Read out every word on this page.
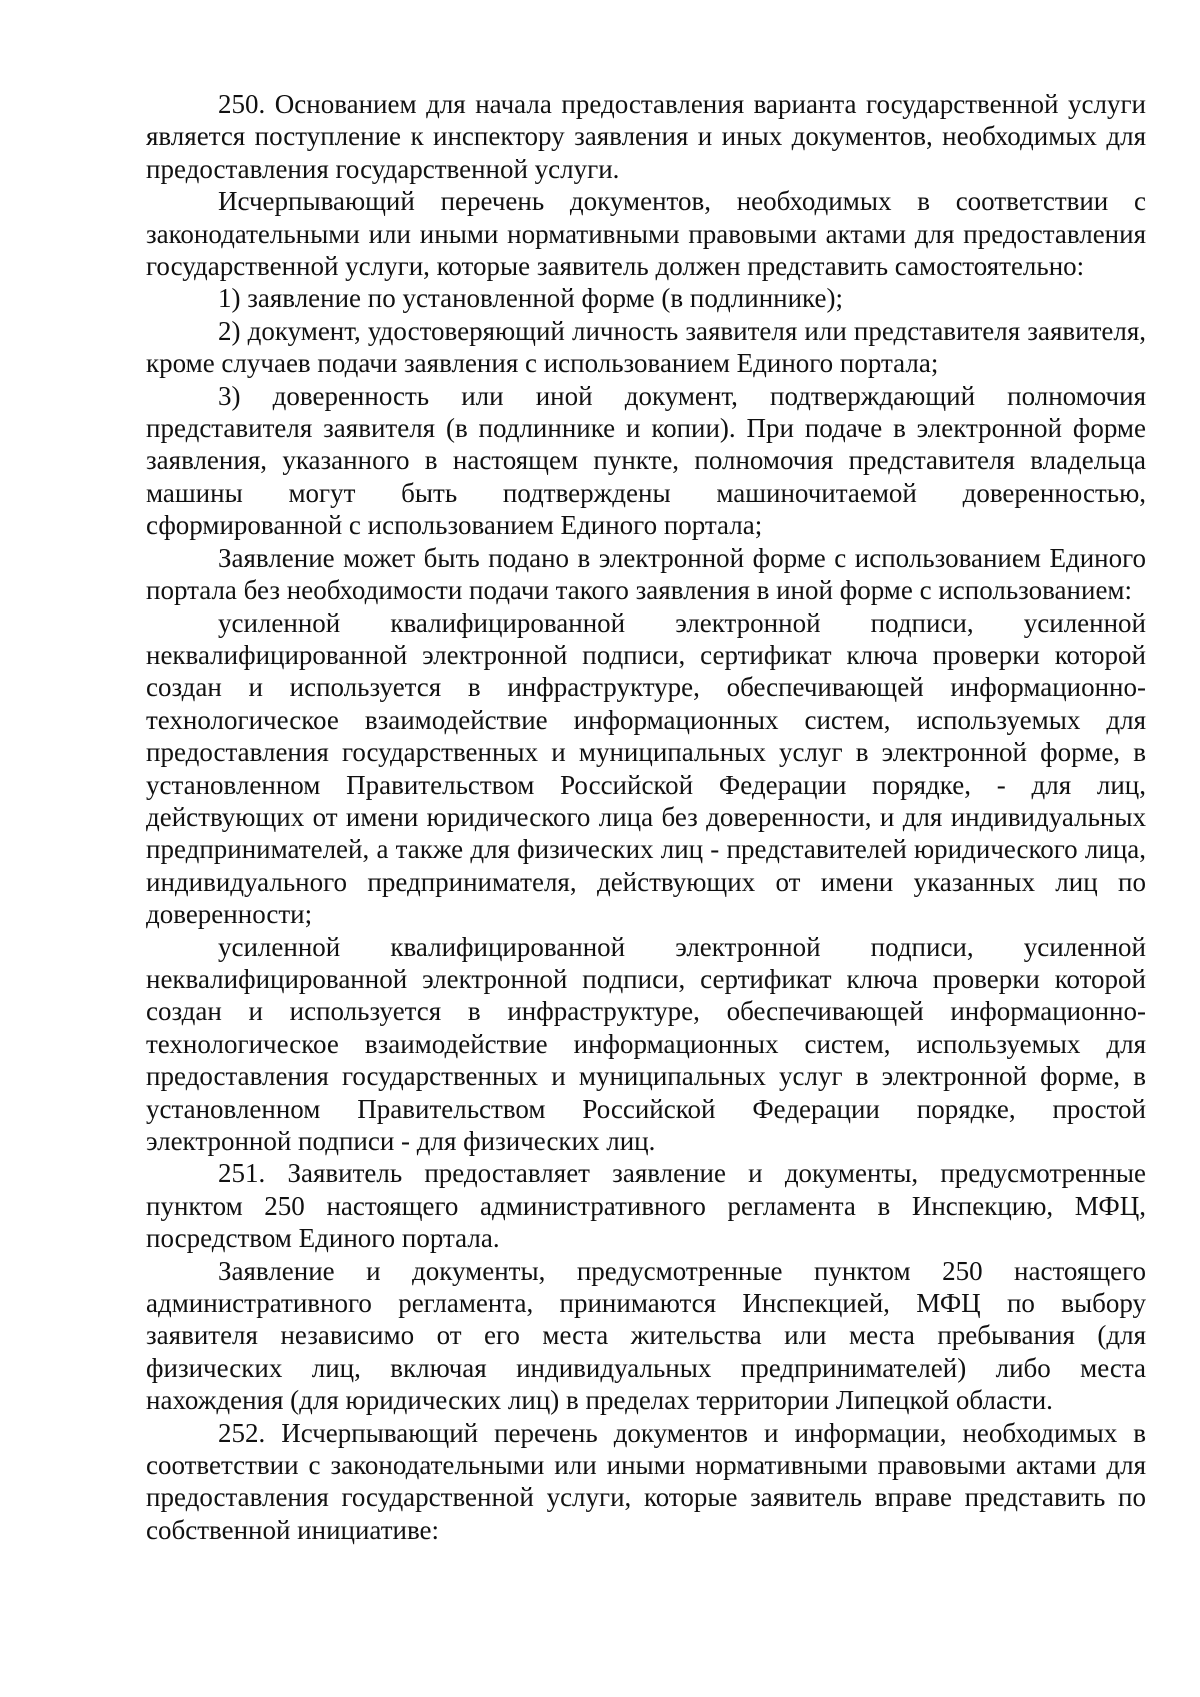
250. Основанием для начала предоставления варианта государственной услуги является поступление к инспектору заявления и иных документов, необходимых для предоставления государственной услуги.

Исчерпывающий перечень документов, необходимых в соответствии с законодательными или иными нормативными правовыми актами для предоставления государственной услуги, которые заявитель должен представить самостоятельно:

1) заявление по установленной форме (в подлиннике);

2) документ, удостоверяющий личность заявителя или представителя заявителя, кроме случаев подачи заявления с использованием Единого портала;

3) доверенность или иной документ, подтверждающий полномочия представителя заявителя (в подлиннике и копии). При подаче в электронной форме заявления, указанного в настоящем пункте, полномочия представителя владельца машины могут быть подтверждены машиночитаемой доверенностью, сформированной с использованием Единого портала;

Заявление может быть подано в электронной форме с использованием Единого портала без необходимости подачи такого заявления в иной форме с использованием:

усиленной квалифицированной электронной подписи, усиленной неквалифицированной электронной подписи, сертификат ключа проверки которой создан и используется в инфраструктуре, обеспечивающей информационно-технологическое взаимодействие информационных систем, используемых для предоставления государственных и муниципальных услуг в электронной форме, в установленном Правительством Российской Федерации порядке, - для лиц, действующих от имени юридического лица без доверенности, и для индивидуальных предпринимателей, а также для физических лиц - представителей юридического лица, индивидуального предпринимателя, действующих от имени указанных лиц по доверенности;

усиленной квалифицированной электронной подписи, усиленной неквалифицированной электронной подписи, сертификат ключа проверки которой создан и используется в инфраструктуре, обеспечивающей информационно-технологическое взаимодействие информационных систем, используемых для предоставления государственных и муниципальных услуг в электронной форме, в установленном Правительством Российской Федерации порядке, простой электронной подписи - для физических лиц.

251. Заявитель предоставляет заявление и документы, предусмотренные пунктом 250 настоящего административного регламента в Инспекцию, МФЦ, посредством Единого портала.

Заявление и документы, предусмотренные пунктом 250 настоящего административного регламента, принимаются Инспекцией, МФЦ по выбору заявителя независимо от его места жительства или места пребывания (для физических лиц, включая индивидуальных предпринимателей) либо места нахождения (для юридических лиц) в пределах территории Липецкой области.

252. Исчерпывающий перечень документов и информации, необходимых в соответствии с законодательными или иными нормативными правовыми актами для предоставления государственной услуги, которые заявитель вправе представить по собственной инициативе:
